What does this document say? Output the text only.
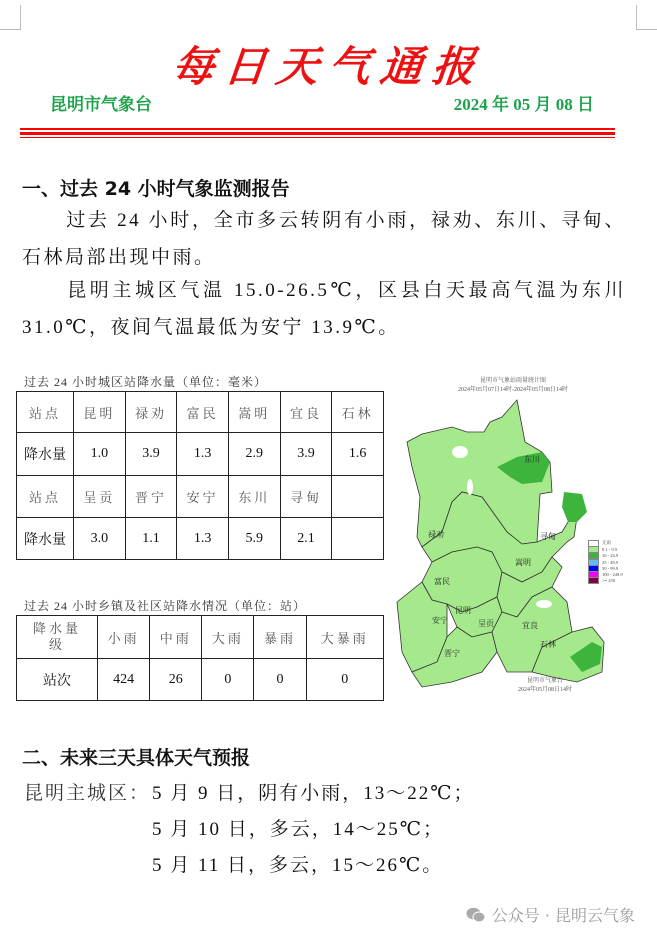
每日天气通报
昆明市气象台	2024 年 05 月 08 日
一、过去 24 小时气象监测报告
过去 24 小时，全市多云转阴有小雨，禄劝、东川、寻甸、石林局部出现中雨。
昆明主城区气温 15.0-26.5℃，区县白天最高气温为东川 31.0℃，夜间气温最低为安宁 13.9℃。
过去 24 小时城区站降水量（单位：毫米）
站点	昆明	禄劝	富民	嵩明	宜良	石林
降水量	1.0	3.9	1.3	2.9	3.9	1.6
站点	呈贡	晋宁	安宁	东川	寻甸	
降水量	3.0	1.1	1.3	5.9	2.1	
过去 24 小时乡镇及社区站降水情况（单位：站）
降水量级	小雨	中雨	大雨	暴雨	大暴雨
站次	424	26	0	0	0
昆明市气象站雨量统计图
2024年05月07日14时-2024年05月08日14时
东川
禄劝	寻甸
嵩明
富民
昆明
安宁	呈贡	宜良
石林
晋宁
无雨
0.1 - 9.9
10 - 24.9
25 - 49.9
50 - 99.9
100 - 249.9
>= 250
昆明市气象台
2024年05月08日14时
二、未来三天具体天气预报
昆明主城区： 5 月 9 日，阴有小雨，13～22℃；
5 月 10 日，多云，14～25℃；
5 月 11 日，多云，15～26℃。
公众号 · 昆明云气象
